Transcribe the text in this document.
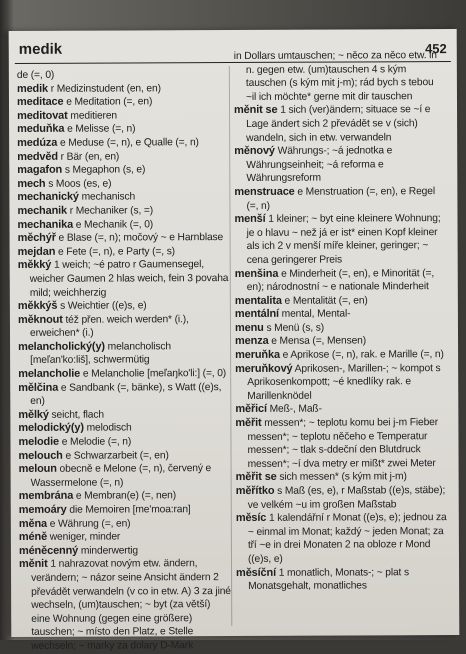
medik	452

de (=, 0)

medik r Medizinstudent (en, en)

meditace e Meditation (=, en)

meditovat meditieren

meduňka e Melisse (=, n)

medúza e Meduse (=, n), e Qualle (=, n)

medvěd r Bär (en, en)

magafon s Megaphon (s, e)

mech s Moos (es, e)

mechanický mechanisch

mechanik r Mechaniker (s, =)

mechanika e Mechanik (=, 0)

měchýř e Blase (=, n); močový ~ e Harnblase

mejdan e Fete (=, n), e Party (=, s)

měkký 1 weich; ~é patro r Gaumensegel, weicher Gaumen 2 hlas weich, fein 3 povaha mild; weichherzig

měkkýš s Weichtier ((e)s, e)

měknout též přen. weich werden* (i.), erweichen* (i.)

melancholický(y) melancholisch [meľan'ko:liš], schwermütig

melancholie e Melancholie [meľaŋko'li:] (=, 0)

mělčina e Sandbank (=, bänke), s Watt ((e)s, en)

mělký seicht, flach

melodický(y) melodisch

melodie e Melodie (=, n)

melouch e Schwarzarbeit (=, en)

meloun obecně e Melone (=, n), červený e Wassermelone (=, n)

membrána e Membran(e) (=, nen)

memoáry die Memoiren [me'moa:ran]

měna e Währung (=, en)

méně weniger, minder

méněcenný minderwertig

měnit 1 nahrazovat novým etw. ändern, verändern; ~ názor seine Ansicht ändern 2 převádět verwandeln (v co in etw. A) 3 za jiné wechseln, (um)tauschen; ~ byt (za větší) eine Wohnung (gegen eine größere) tauschen; ~ místo den Platz, e Stelle wechseln; ~ marky za dolary D-Mark

in Dollars umtauschen; ~ něco za něco etw. in n. gegen etw. (um)tauschen 4 s kým tauschen (s kým mit j-m); rád bych s tebou ~il ich möchte* gerne mit dir tauschen

měnit se 1 sich (ver)ändern; situace se ~í e Lage ändert sich 2 převádět se v (sich) wandeln, sich in etw. verwandeln

měnový Währungs-; ~á jednotka e Währungseinheit; ~á reforma e Währungsreform

menstruace e Menstruation (=, en), e Regel (=, n)

menší 1 kleiner; ~ byt eine kleinere Wohnung; je o hlavu ~ než já er ist* einen Kopf kleiner als ich 2 v menší míře kleiner, geringer; ~ cena geringerer Preis

menšina e Minderheit (=, en), e Minorität (=, en); národnostní ~ e nationale Minderheit

mentalita e Mentalität (=, en)

mentální mental, Mental-

menu s Menü (s, s)

menza e Mensa (=, Mensen)

meruňka e Aprikose (=, n), rak. e Marille (=, n)

meruňkový Aprikosen-, Marillen-; ~ kompot s Aprikosenkompott; ~é knedlíky rak. e Marillenknödel

měřicí Meß-, Maß-

měřit messen*; ~ teplotu komu bei j-m Fieber messen*; ~ teplotu něčeho e Temperatur messen*; ~ tlak s-ddeční den Blutdruck messen*; ~í dva metry er mißt* zwei Meter

měřit se sich messen* (s kým mit j-m)

měřítko s Maß (es, e), r Maßstab ((e)s, stäbe); ve velkém ~u im großen Maßstab

měsíc 1 kalendářní r Monat ((e)s, e); jednou za ~ einmal im Monat; každý ~ jeden Monat; za tří ~e in drei Monaten 2 na obloze r Mond ((e)s, e)

měsíční 1 monatlich, Monats-; ~ plat s Monatsgehalt, monatliches
